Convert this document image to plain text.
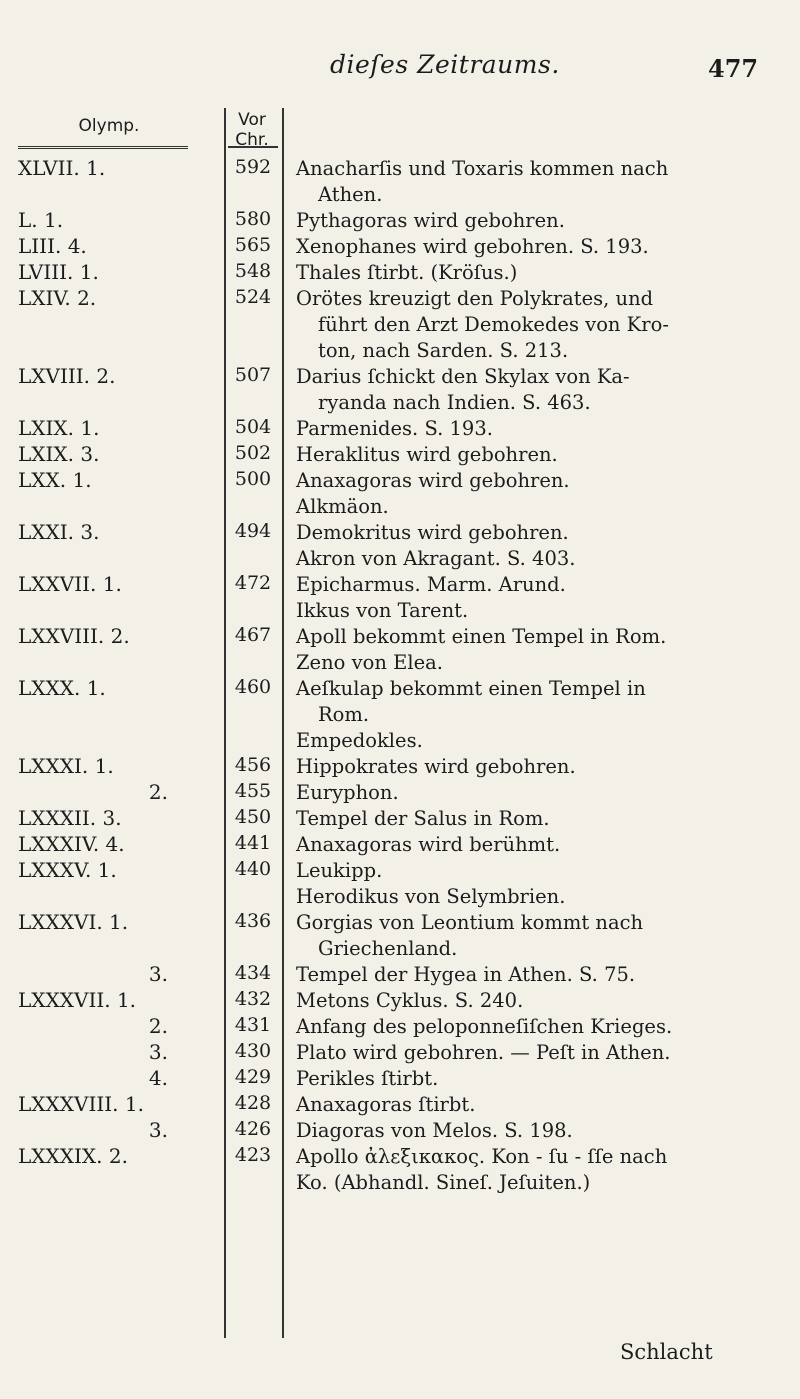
dieſes Zeitraums.	477
Olymp.	Vor
Chr.
XLVII. 1.	592	Anacharſis und Toxaris kommen nach
Athen.
L. 1.	580	Pythagoras wird gebohren.
LIII. 4.	565	Xenophanes wird gebohren. S. 193.
LVIII. 1.	548	Thales ſtirbt. (Kröſus.)
LXIV. 2.	524	Orötes kreuzigt den Polykrates, und
führt den Arzt Demokedes von Kro-
ton, nach Sarden. S. 213.
LXVIII. 2.	507	Darius ſchickt den Skylax von Ka-
ryanda nach Indien. S. 463.
LXIX. 1.	504	Parmenides. S. 193.
LXIX. 3.	502	Heraklitus wird gebohren.
LXX. 1.	500	Anaxagoras wird gebohren.
Alkmäon.
LXXI. 3.	494	Demokritus wird gebohren.
Akron von Akragant. S. 403.
LXXVII. 1.	472	Epicharmus. Marm. Arund.
Ikkus von Tarent.
LXXVIII. 2.	467	Apoll bekommt einen Tempel in Rom.
Zeno von Elea.
LXXX. 1.	460	Aeſkulap bekommt einen Tempel in
Rom.
Empedokles.
LXXXI. 1.	456	Hippokrates wird gebohren.
2.	455	Euryphon.
LXXXII. 3.	450	Tempel der Salus in Rom.
LXXXIV. 4.	441	Anaxagoras wird berühmt.
LXXXV. 1.	440	Leukipp.
Herodikus von Selymbrien.
LXXXVI. 1.	436	Gorgias von Leontium kommt nach
Griechenland.
3.	434	Tempel der Hygea in Athen. S. 75.
LXXXVII. 1.	432	Metons Cyklus. S. 240.
2.	431	Anfang des peloponneſiſchen Krieges.
3.	430	Plato wird gebohren. — Peſt in Athen.
4.	429	Perikles ſtirbt.
LXXXVIII. 1.	428	Anaxagoras ſtirbt.
3.	426	Diagoras von Melos. S. 198.
LXXXIX. 2.	423	Apollo ἀλεξικακος. Kon - ſu - ſſe nach
Ko. (Abhandl. Sineſ. Jeſuiten.)
Schlacht
